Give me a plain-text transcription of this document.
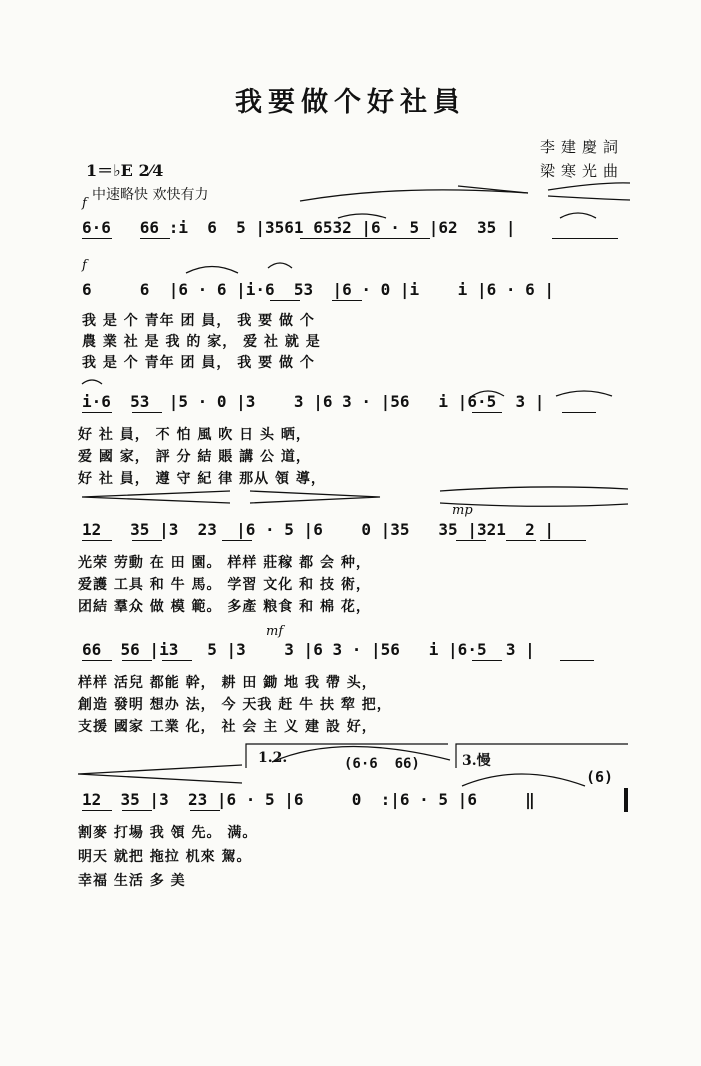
我要做个好社員
李建慶詞
梁寒光曲
1＝♭E 2⁄4
中速略快 欢快有力
1.2.	3.慢
f
f
mp
mf
6·6   66 :i  6  5 |3561 6532 |6 · 5 |62  35 |
6     6  |6 · 6 |i·6  53  |6 · 0 |i    i |6 · 6 |
我 是 个 青年 团 員， 我 要 做 个
農 業 社 是 我 的 家， 爱 社 就 是
我 是 个 青年 团 員， 我 要 做 个
i·6  53  |5 · 0 |3    3 |6 3 · |56   i |6·5  3 |
好 社 員， 不 怕 風 吹 日 头 晒，
爱 國 家， 評 分 結 賬 講 公 道，
好 社 員， 遵 守 紀 律 那从 領 導，
12   35 |3  23  |6 · 5 |6    0 |35   35 |321  2 |
光荣 劳動 在 田 園。 样样 莊稼 都 会 种，
爱護 工具 和 牛 馬。 学習 文化 和 技 術，
团結 羣众 做 模 範。 多產 粮食 和 棉 花，
66  56 |i3   5 |3    3 |6 3 · |56   i |6·5  3 |
样样 活兒 都能 幹， 耕 田 鋤 地 我 帶 头，
創造 發明 想办 法， 今 天我 赶 牛 扶 犂 把，
支援 國家 工業 化， 社 会 主 义 建 設 好，
(6·6  66)
(6)
12  35 |3  23 |6 · 5 |6     0  :|6 · 5 |6     ‖
割麥 打場 我 領 先。 满。
明天 就把 拖拉 机來 駕。
幸福 生活 多 美
